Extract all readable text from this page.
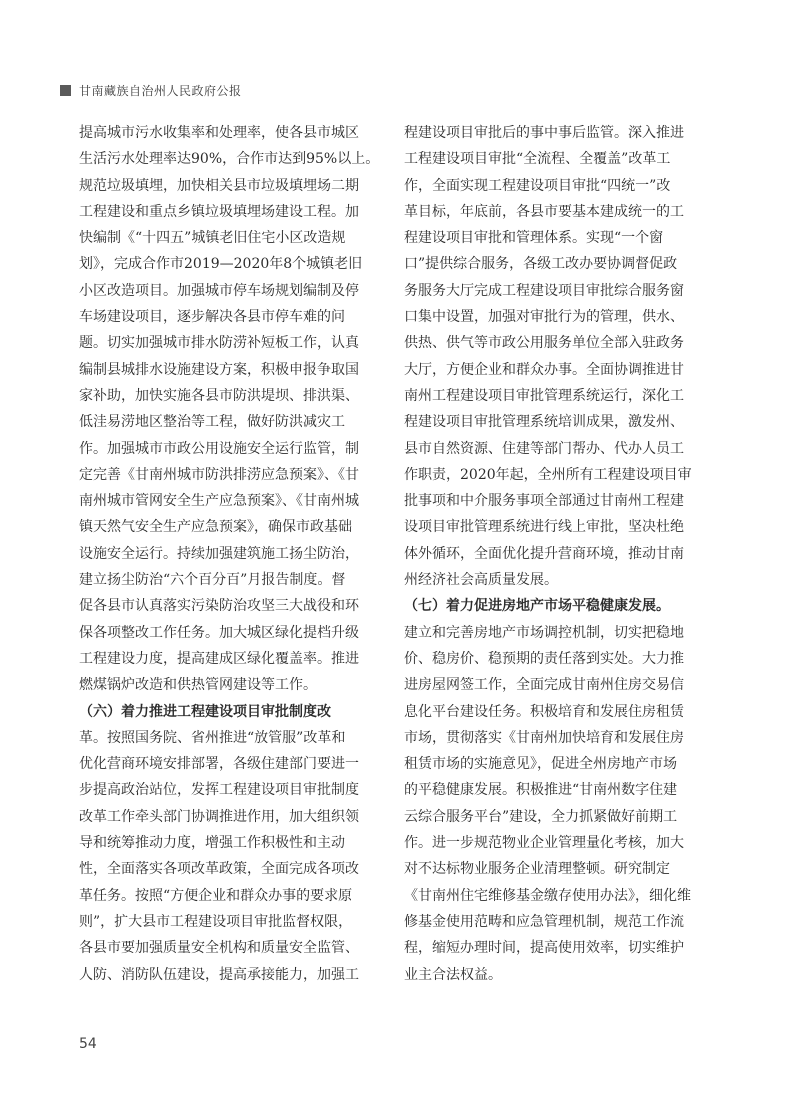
甘南藏族自治州人民政府公报
提高城市污水收集率和处理率，使各县市城区
生活污水处理率达90%，合作市达到95%以上。
规范垃圾填埋，加快相关县市垃圾填埋场二期
工程建设和重点乡镇垃圾填埋场建设工程。加
快编制《“十四五”城镇老旧住宅小区改造规
划》，完成合作市2019—2020年8个城镇老旧
小区改造项目。加强城市停车场规划编制及停
车场建设项目，逐步解决各县市停车难的问
题。切实加强城市排水防涝补短板工作，认真
编制县城排水设施建设方案，积极申报争取国
家补助，加快实施各县市防洪堤坝、排洪渠、
低洼易涝地区整治等工程，做好防洪减灾工
作。加强城市市政公用设施安全运行监管，制
定完善《甘南州城市防洪排涝应急预案》、《甘
南州城市管网安全生产应急预案》、《甘南州城
镇天然气安全生产应急预案》，确保市政基础
设施安全运行。持续加强建筑施工扬尘防治，
建立扬尘防治“六个百分百”月报告制度。督
促各县市认真落实污染防治攻坚三大战役和环
保各项整改工作任务。加大城区绿化提档升级
工程建设力度，提高建成区绿化覆盖率。推进
燃煤锅炉改造和供热管网建设等工作。
（六）着力推进工程建设项目审批制度改
革。按照国务院、省州推进“放管服”改革和
优化营商环境安排部署，各级住建部门要进一
步提高政治站位，发挥工程建设项目审批制度
改革工作牵头部门协调推进作用，加大组织领
导和统筹推动力度，增强工作积极性和主动
性，全面落实各项改革政策，全面完成各项改
革任务。按照“方便企业和群众办事的要求原
则”，扩大县市工程建设项目审批监督权限，
各县市要加强质量安全机构和质量安全监管、
人防、消防队伍建设，提高承接能力，加强工
程建设项目审批后的事中事后监管。深入推进
工程建设项目审批“全流程、全覆盖”改革工
作，全面实现工程建设项目审批“四统一”改
革目标，年底前，各县市要基本建成统一的工
程建设项目审批和管理体系。实现“一个窗
口”提供综合服务，各级工改办要协调督促政
务服务大厅完成工程建设项目审批综合服务窗
口集中设置，加强对审批行为的管理，供水、
供热、供气等市政公用服务单位全部入驻政务
大厅，方便企业和群众办事。全面协调推进甘
南州工程建设项目审批管理系统运行，深化工
程建设项目审批管理系统培训成果，激发州、
县市自然资源、住建等部门帮办、代办人员工
作职责，2020年起，全州所有工程建设项目审
批事项和中介服务事项全部通过甘南州工程建
设项目审批管理系统进行线上审批，坚决杜绝
体外循环，全面优化提升营商环境，推动甘南
州经济社会高质量发展。
（七）着力促进房地产市场平稳健康发展。
建立和完善房地产市场调控机制，切实把稳地
价、稳房价、稳预期的责任落到实处。大力推
进房屋网签工作，全面完成甘南州住房交易信
息化平台建设任务。积极培育和发展住房租赁
市场，贯彻落实《甘南州加快培育和发展住房
租赁市场的实施意见》，促进全州房地产市场
的平稳健康发展。积极推进“甘南州数字住建
云综合服务平台”建设，全力抓紧做好前期工
作。进一步规范物业企业管理量化考核，加大
对不达标物业服务企业清理整顿。研究制定
《甘南州住宅维修基金缴存使用办法》，细化维
修基金使用范畴和应急管理机制，规范工作流
程，缩短办理时间，提高使用效率，切实维护
业主合法权益。
54
